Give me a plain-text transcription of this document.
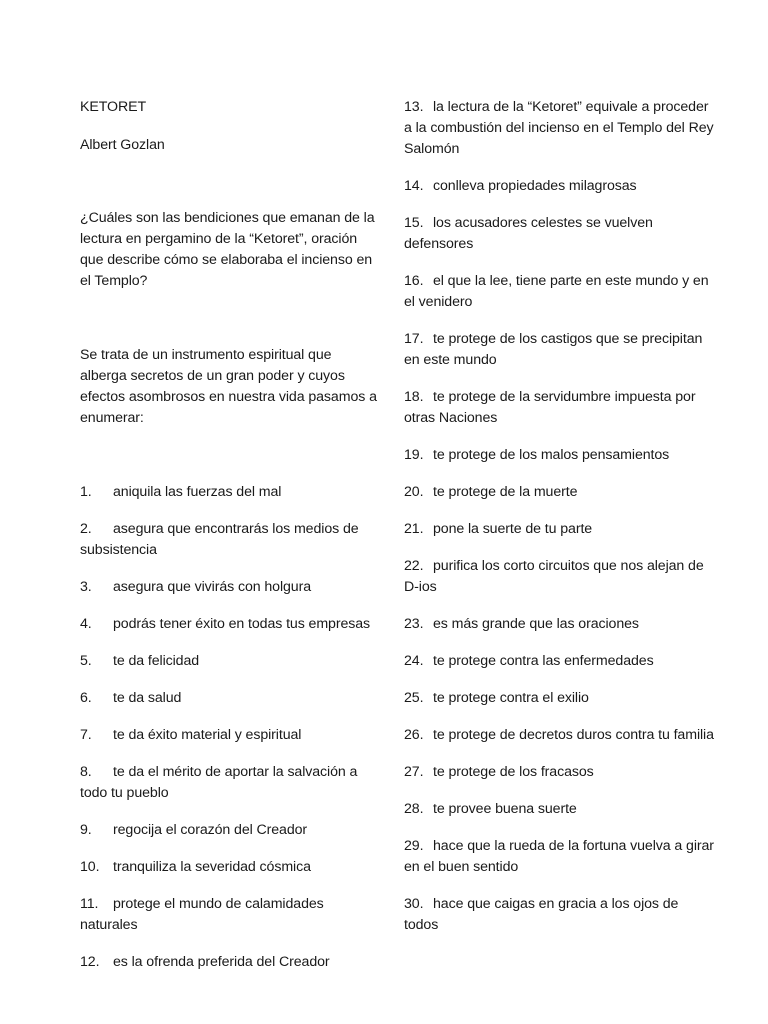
KETORET

Albert Gozlan

¿Cuáles son las bendiciones que emanan de la lectura en pergamino de la “Ketoret”, oración que describe cómo se elaboraba el incienso en el Templo?

Se trata de un instrumento espiritual que alberga secretos de un gran poder y cuyos efectos asombrosos en nuestra vida pasamos a enumerar:

1. aniquila las fuerzas del mal

2. asegura que encontrarás los medios de subsistencia

3. asegura que vivirás con holgura

4. podrás tener éxito en todas tus empresas

5. te da felicidad

6. te da salud

7. te da éxito material y espiritual

8. te da el mérito de aportar la salvación a todo tu pueblo

9. regocija el corazón del Creador

10. tranquiliza la severidad cósmica

11. protege el mundo de calamidades naturales

12. es la ofrenda preferida del Creador

13. la lectura de la “Ketoret” equivale a proceder a la combustión del incienso en el Templo del Rey Salomón

14. conlleva propiedades milagrosas

15. los acusadores celestes se vuelven defensores

16. el que la lee, tiene parte en este mundo y en el venidero

17. te protege de los castigos que se precipitan en este mundo

18. te protege de la servidumbre impuesta por otras Naciones

19. te protege de los malos pensamientos

20. te protege de la muerte

21. pone la suerte de tu parte

22. purifica los corto circuitos que nos alejan de D-ios

23. es más grande que las oraciones

24. te protege contra las enfermedades

25. te protege contra el exilio

26. te protege de decretos duros contra tu familia

27. te protege de los fracasos

28. te provee buena suerte

29. hace que la rueda de la fortuna vuelva a girar en el buen sentido

30. hace que caigas en gracia a los ojos de todos
